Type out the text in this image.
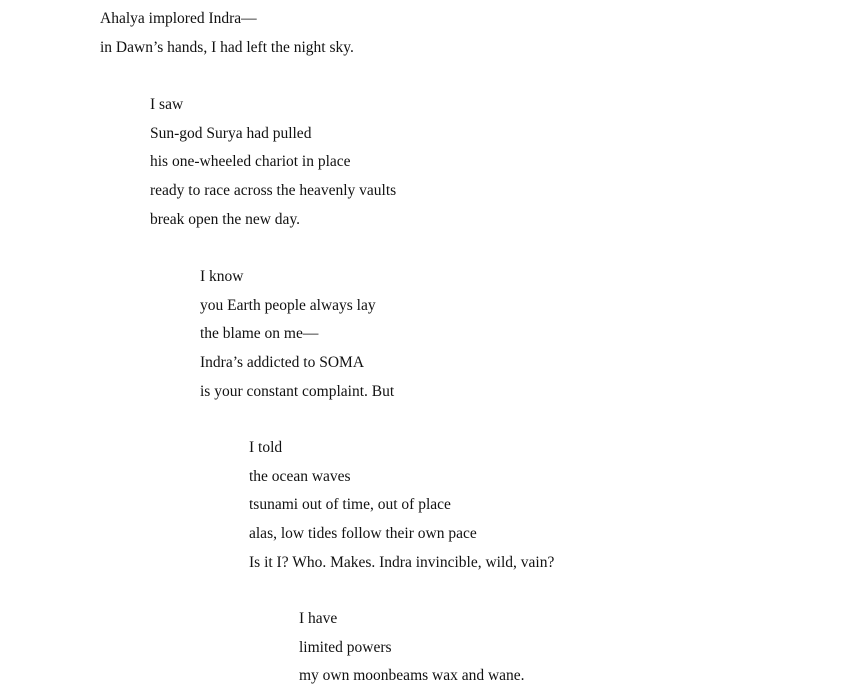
Ahalya implored Indra—
in Dawn’s hands, I had left the night sky.
I saw
Sun-god Surya had pulled
his one-wheeled chariot in place
ready to race across the heavenly vaults
break open the new day.
I know
you Earth people always lay
the blame on me—
Indra’s addicted to SOMA
is your constant complaint. But
I told
the ocean waves
tsunami out of time, out of place
alas, low tides follow their own pace
Is it I? Who. Makes. Indra invincible, wild, vain?
I have
limited powers
my own moonbeams wax and wane.
